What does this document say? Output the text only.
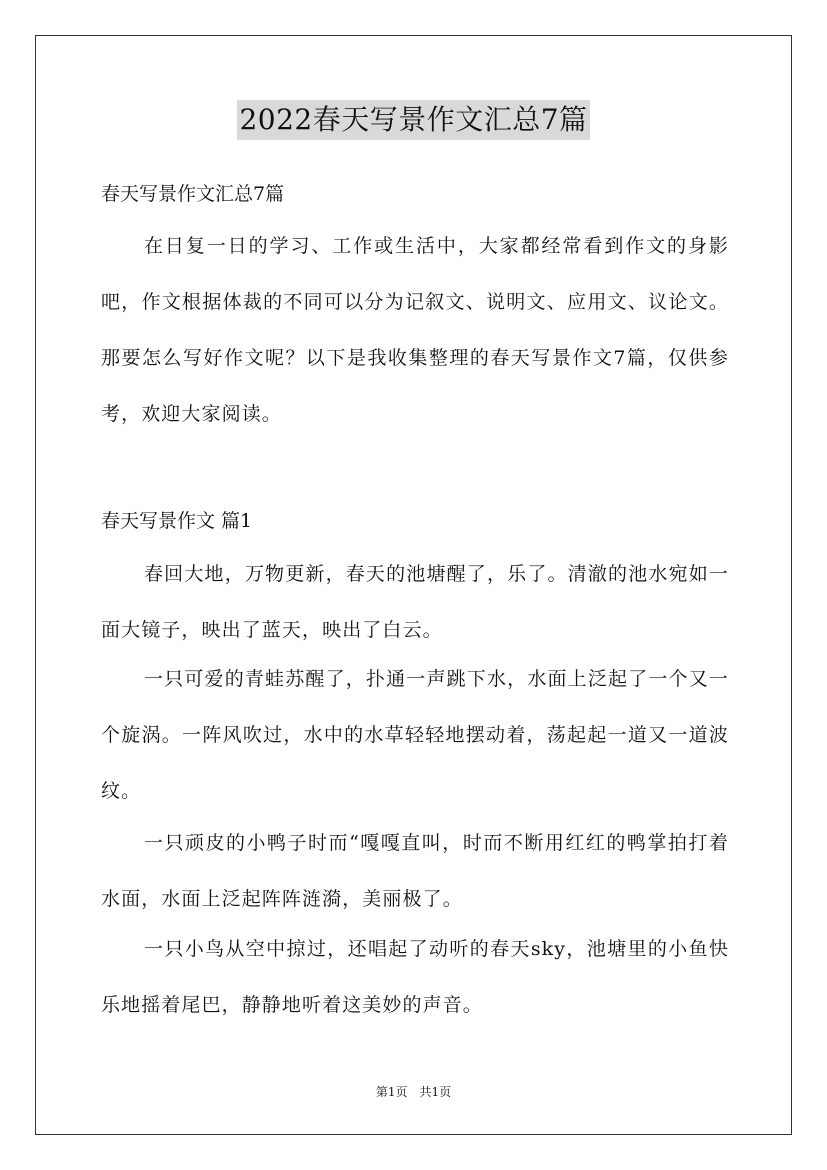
2022春天写景作文汇总7篇
春天写景作文汇总7篇
在日复一日的学习、工作或生活中，大家都经常看到作文的身影吧，作文根据体裁的不同可以分为记叙文、说明文、应用文、议论文。那要怎么写好作文呢？以下是我收集整理的春天写景作文7篇，仅供参考，欢迎大家阅读。
春天写景作文 篇1
春回大地，万物更新，春天的池塘醒了，乐了。清澈的池水宛如一面大镜子，映出了蓝天，映出了白云。
一只可爱的青蛙苏醒了，扑通一声跳下水，水面上泛起了一个又一个旋涡。一阵风吹过，水中的水草轻轻地摆动着，荡起起一道又一道波纹。
一只顽皮的小鸭子时而“嘎嘎直叫，时而不断用红红的鸭掌拍打着水面，水面上泛起阵阵涟漪，美丽极了。
一只小鸟从空中掠过，还唱起了动听的春天sky，池塘里的小鱼快乐地摇着尾巴，静静地听着这美妙的声音。
第1页　共1页
